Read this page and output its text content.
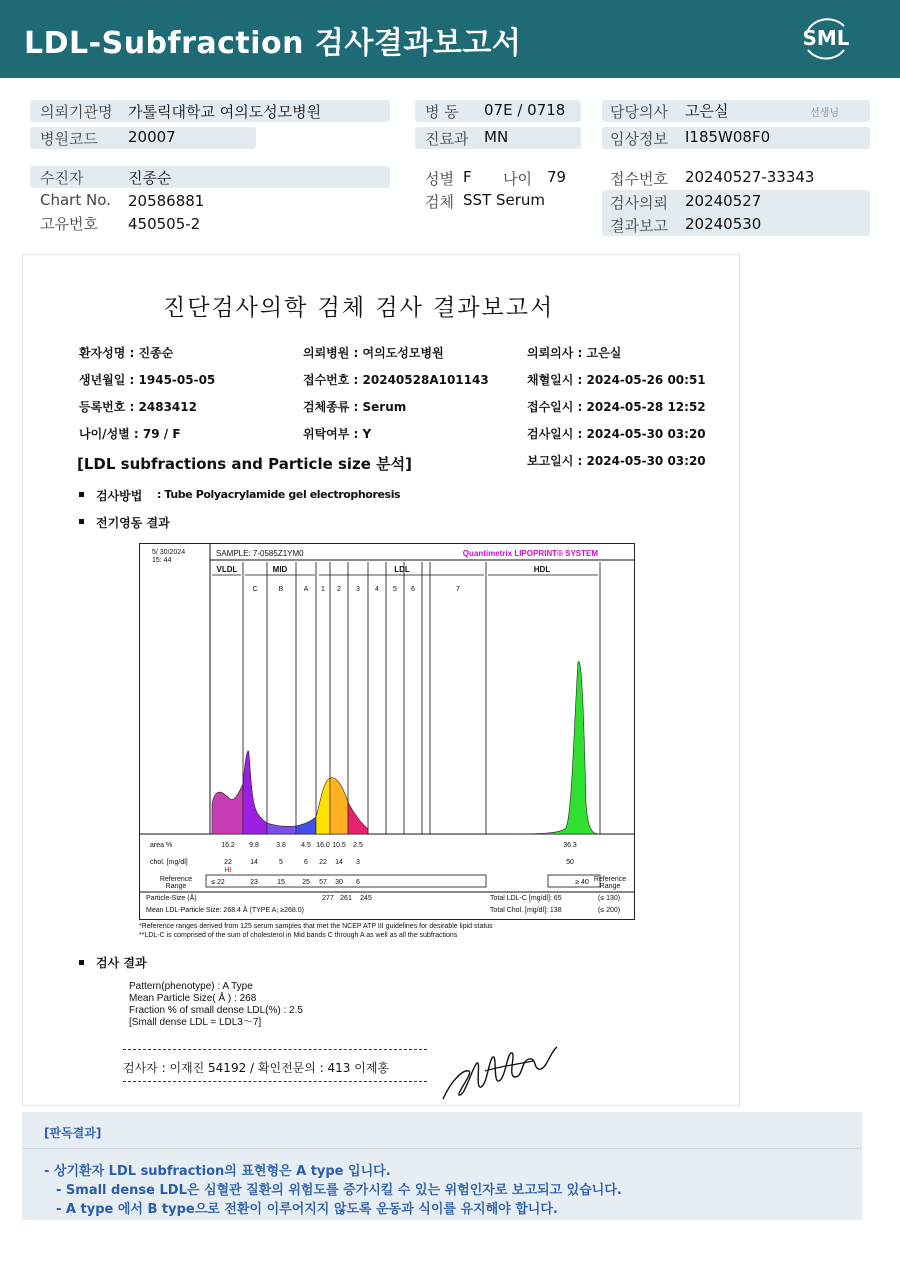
LDL-Subfraction 검사결과보고서	SML
의뢰기관명 가톨릭대학교 여의도성모병원
병원코드 20007
수진자	진종순
Chart No. 20586881
고유번호 450505-2
병 동 07E / 0718
진료과 MN
성별 F 나이 79
검체 SST Serum
담당의사 고은실	선생님
임상정보 I185W08F0
접수번호 20240527-33343
검사의뢰 20240527
결과보고 20240530
진단검사의학 검체 검사 결과보고서
환자성명 : 진종순
생년월일 : 1945-05-05
등록번호 : 2483412
나이/성별 : 79 / F
의뢰병원 : 여의도성모병원
접수번호 : 20240528A101143
검체종류 : Serum
위탁여부 : Y
의뢰의사 : 고은실
채혈일시 : 2024-05-26 00:51
접수일시 : 2024-05-28 12:52
검사일시 : 2024-05-30 03:20
보고일시 : 2024-05-30 03:20
[LDL subfractions and Particle size 분석]
검사방법 : Tube Polyacrylamide gel electrophoresis
전기영동 결과
5/ 30/2024
15: 44
SAMPLE: 7-0585Z1YM0	Quantimetrix LIPOPRINT® SYSTEM
VLDL	MID	LDL	HDL
C	B	A 1 2 3 4 5 6	7
area %	16.2 9.8 3.8 4.5 16.0 10.5 2.5	36.3
chol. [mg/dl]	22	14	5	6 22 14 3	50
HI
Reference
Range
Reference
Range
≤ 22	23	15 25 57 30 6	≥ 40
Particle-Size (Å)	277 261 245
Mean LDL-Particle Size: 268.4 Å (TYPE A; ≥268.0)
Total LDL-C [mg/dl]: 65	(≤ 130)
Total Chol. [mg/dl]: 138	(≤ 200)
*Reference ranges derived from 125 serum samples that met the NCEP ATP III guidelines for desirable lipid status
**LDL-C is comprised of the sum of cholesterol in Mid bands C through A as well as all the subfractions
검사 결과
Pattern(phenotype) : A Type
Mean Particle Size( Å ) : 268
Fraction % of small dense LDL(%) : 2.5
[Small dense LDL = LDL3～7]
검사자 : 이재진 54192 / 확인전문의 : 413 이제홍
[판독결과]
- 상기환자 LDL subfraction의 표현형은 A type 입니다.
- Small dense LDL은 심혈관 질환의 위험도를 증가시킬 수 있는 위험인자로 보고되고 있습니다.
- A type 에서 B type으로 전환이 이루어지지 않도록 운동과 식이를 유지해야 합니다.
